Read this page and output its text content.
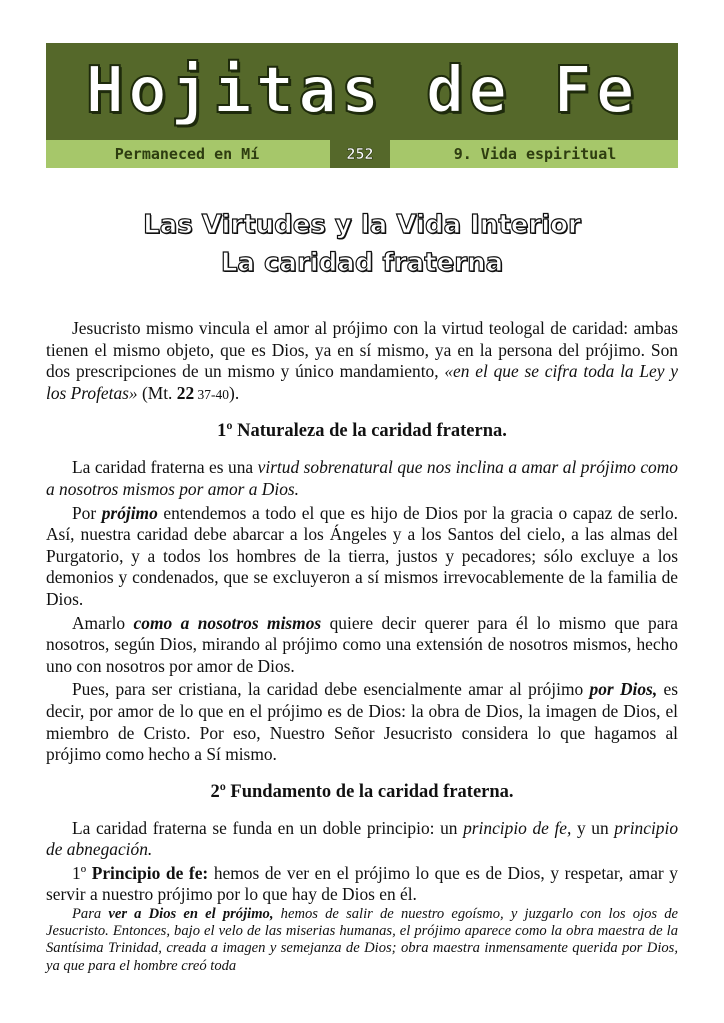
Hojitas de Fe
Permaneced en Mí	252	9. Vida espiritual
Las Virtudes y la Vida Interior
La caridad fraterna

Jesucristo mismo vincula el amor al prójimo con la virtud teologal de caridad: ambas tienen el mismo objeto, que es Dios, ya en sí mismo, ya en la persona del prójimo. Son dos prescripciones de un mismo y único mandamiento, «en el que se cifra toda la Ley y los Profetas» (Mt. 22 37-40).

1º Naturaleza de la caridad fraterna.

La caridad fraterna es una virtud sobrenatural que nos inclina a amar al prójimo como a nosotros mismos por amor a Dios.

Por prójimo entendemos a todo el que es hijo de Dios por la gracia o capaz de serlo. Así, nuestra caridad debe abarcar a los Ángeles y a los Santos del cielo, a las almas del Purgatorio, y a todos los hombres de la tierra, justos y pecadores; sólo excluye a los demonios y condenados, que se excluyeron a sí mismos irrevocablemente de la familia de Dios.

Amarlo como a nosotros mismos quiere decir querer para él lo mismo que para nosotros, según Dios, mirando al prójimo como una extensión de nosotros mismos, hecho uno con nosotros por amor de Dios.

Pues, para ser cristiana, la caridad debe esencialmente amar al prójimo por Dios, es decir, por amor de lo que en el prójimo es de Dios: la obra de Dios, la imagen de Dios, el miembro de Cristo. Por eso, Nuestro Señor Jesucristo considera lo que hagamos al prójimo como hecho a Sí mismo.

2º Fundamento de la caridad fraterna.

La caridad fraterna se funda en un doble principio: un principio de fe, y un principio de abnegación.

1º Principio de fe: hemos de ver en el prójimo lo que es de Dios, y respetar, amar y servir a nuestro prójimo por lo que hay de Dios en él.

Para ver a Dios en el prójimo, hemos de salir de nuestro egoísmo, y juzgarlo con los ojos de Jesucristo. Entonces, bajo el velo de las miserias humanas, el prójimo aparece como la obra maestra de la Santísima Trinidad, creada a imagen y semejanza de Dios; obra maestra inmensamente querida por Dios, ya que para el hombre creó toda
